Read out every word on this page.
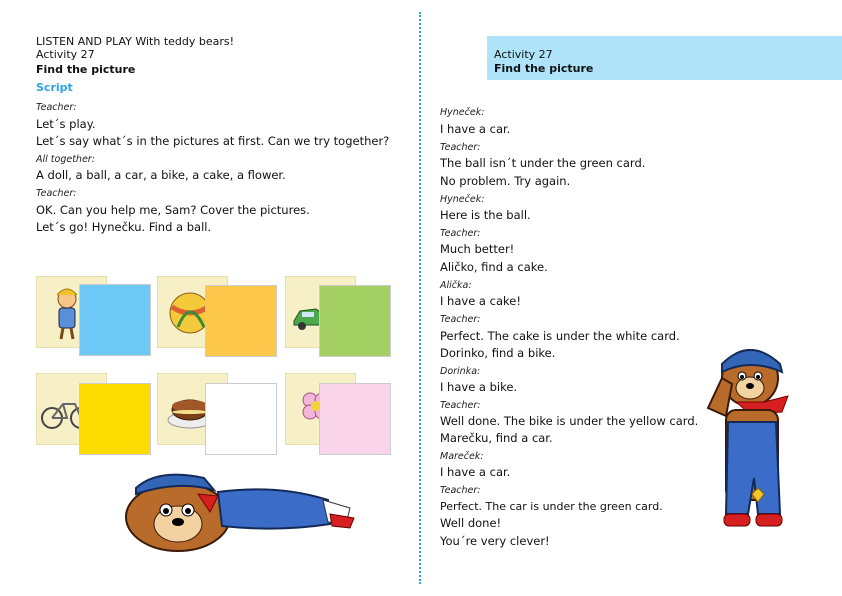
LISTEN AND PLAY With teddy bears!
Activity 27
Find the picture
Script
Teacher:
Let´s play.
Let´s say what´s in the pictures at first. Can we try together?
All together:
A doll, a ball, a car, a bike, a cake, a flower.
Teacher:
OK. Can you help me, Sam? Cover the pictures.
Let´s go! Hynečku. Find a ball.
Activity 27
Find the picture
Hyneček:
I have a car.
Teacher:
The ball isn´t under the green card.
No problem. Try again.
Hyneček:
Here is the ball.
Teacher:
Much better!
Aličko, find a cake.
Alička:
I have a cake!
Teacher:
Perfect. The cake is under the white card.
Dorinko, find a bike.
Dorinka:
I have a bike.
Teacher:
Well done. The bike is under the yellow card.
Marečku, find a car.
Mareček:
I have a car.
Teacher:
Perfect. The car is under the green card.
Well done!
You´re very clever!
